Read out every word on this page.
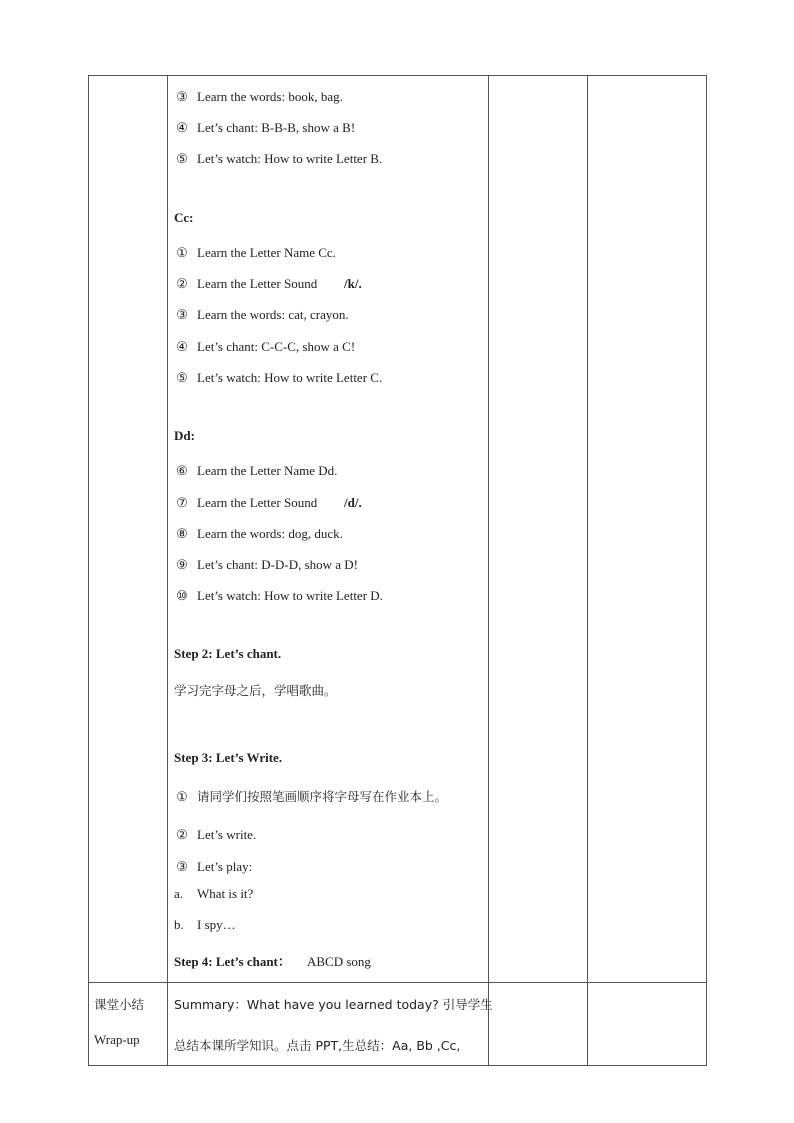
③ Learn the words: book, bag.
④ Let’s chant: B-B-B, show a B!
⑤ Let’s watch: How to write Letter B.
Cc:
① Learn the Letter Name Cc.
② Learn the Letter Sound /k/.
③ Learn the words: cat, crayon.
④ Let’s chant: C-C-C, show a C!
⑤ Let’s watch: How to write Letter C.
Dd:
⑥ Learn the Letter Name Dd.
⑦ Learn the Letter Sound /d/.
⑧ Learn the words: dog, duck.
⑨ Let’s chant: D-D-D, show a D!
⑩ Let’s watch: How to write Letter D.
Step 2: Let’s chant.
学习完字母之后，学唱歌曲。
Step 3: Let’s Write.
① 请同学们按照笔画顺序将字母写在作业本上。
② Let’s write.
③ Let’s play:
a. What is it?
b. I spy…
Step 4: Let’s chant： ABCD song
课堂小结
Wrap-up
Summary：What have you learned today? 引导学生
总结本课所学知识。点击 PPT,生总结：Aa, Bb ,Cc,
